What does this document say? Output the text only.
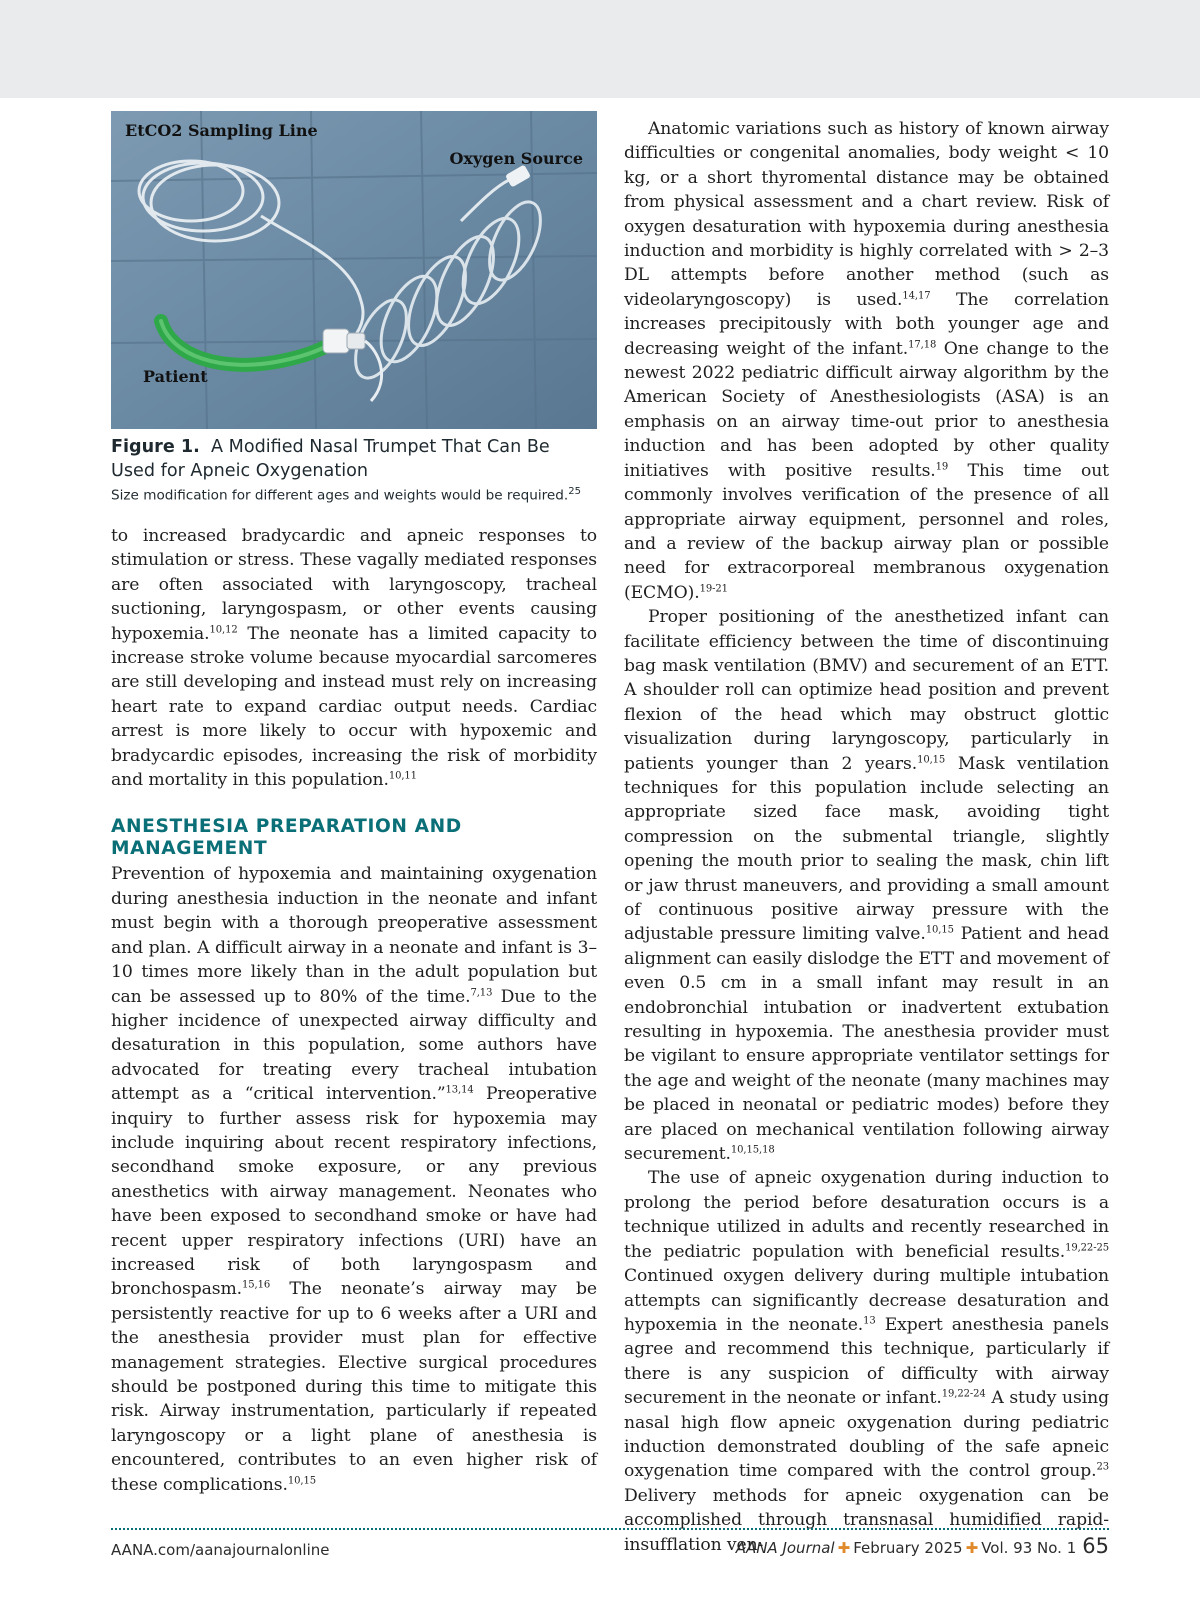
EtCO2 Sampling Line
Oxygen Source
Patient
Figure 1. A Modified Nasal Trumpet That Can Be Used for Apneic Oxygenation
Size modification for different ages and weights would be required.$^{25}$

to increased bradycardic and apneic responses to stimulation or stress. These vagally mediated responses are often associated with laryngoscopy, tracheal suctioning, laryngospasm, or other events causing hypoxemia.$^{10,12}$ The neonate has a limited capacity to increase stroke volume because myocardial sarcomeres are still developing and instead must rely on increasing heart rate to expand cardiac output needs. Cardiac arrest is more likely to occur with hypoxemic and bradycardic episodes, increasing the risk of morbidity and mortality in this population.$^{10,11}$

ANESTHESIA PREPARATION AND MANAGEMENT

Prevention of hypoxemia and maintaining oxygenation during anesthesia induction in the neonate and infant must begin with a thorough preoperative assessment and plan. A difficult airway in a neonate and infant is 3–10 times more likely than in the adult population but can be assessed up to 80% of the time.$^{7,13}$ Due to the higher incidence of unexpected airway difficulty and desaturation in this population, some authors have advocated for treating every tracheal intubation attempt as a “critical intervention.”$^{13,14}$ Preoperative inquiry to further assess risk for hypoxemia may include inquiring about recent respiratory infections, secondhand smoke exposure, or any previous anesthetics with airway management. Neonates who have been exposed to secondhand smoke or have had recent upper respiratory infections (URI) have an increased risk of both laryngospasm and bronchospasm.$^{15,16}$ The neonate’s airway may be persistently reactive for up to 6 weeks after a URI and the anesthesia provider must plan for effective management strategies. Elective surgical procedures should be postponed during this time to mitigate this risk. Airway instrumentation, particularly if repeated laryngoscopy or a light plane of anesthesia is encountered, contributes to an even higher risk of these complications.$^{10,15}$

Anatomic variations such as history of known airway difficulties or congenital anomalies, body weight < 10 kg, or a short thyromental distance may be obtained from physical assessment and a chart review. Risk of oxygen desaturation with hypoxemia during anesthesia induction and morbidity is highly correlated with > 2–3 DL attempts before another method (such as videolaryngoscopy) is used.$^{14,17}$ The correlation increases precipitously with both younger age and decreasing weight of the infant.$^{17,18}$ One change to the newest 2022 pediatric difficult airway algorithm by the American Society of Anesthesiologists (ASA) is an emphasis on an airway time-out prior to anesthesia induction and has been adopted by other quality initiatives with positive results.$^{19}$ This time out commonly involves verification of the presence of all appropriate airway equipment, personnel and roles, and a review of the backup airway plan or possible need for extracorporeal membranous oxygenation (ECMO).$^{19-21}$

Proper positioning of the anesthetized infant can facilitate efficiency between the time of discontinuing bag mask ventilation (BMV) and securement of an ETT. A shoulder roll can optimize head position and prevent flexion of the head which may obstruct glottic visualization during laryngoscopy, particularly in patients younger than 2 years.$^{10,15}$ Mask ventilation techniques for this population include selecting an appropriate sized face mask, avoiding tight compression on the submental triangle, slightly opening the mouth prior to sealing the mask, chin lift or jaw thrust maneuvers, and providing a small amount of continuous positive airway pressure with the adjustable pressure limiting valve.$^{10,15}$ Patient and head alignment can easily dislodge the ETT and movement of even 0.5 cm in a small infant may result in an endobronchial intubation or inadvertent extubation resulting in hypoxemia. The anesthesia provider must be vigilant to ensure appropriate ventilator settings for the age and weight of the neonate (many machines may be placed in neonatal or pediatric modes) before they are placed on mechanical ventilation following airway securement.$^{10,15,18}$

The use of apneic oxygenation during induction to prolong the period before desaturation occurs is a technique utilized in adults and recently researched in the pediatric population with beneficial results.$^{19,22-25}$ Continued oxygen delivery during multiple intubation attempts can significantly decrease desaturation and hypoxemia in the neonate.$^{13}$ Expert anesthesia panels agree and recommend this technique, particularly if there is any suspicion of difficulty with airway securement in the neonate or infant.$^{19,22-24}$ A study using nasal high flow apneic oxygenation during pediatric induction demonstrated doubling of the safe apneic oxygenation time compared with the control group.$^{23}$ Delivery methods for apneic oxygenation can be accomplished through transnasal humidified rapid-insufflation ven-

AANA.com/aanajournalonline	AANA Journal ✚ February 2025 ✚ Vol. 93 No. 1 65
